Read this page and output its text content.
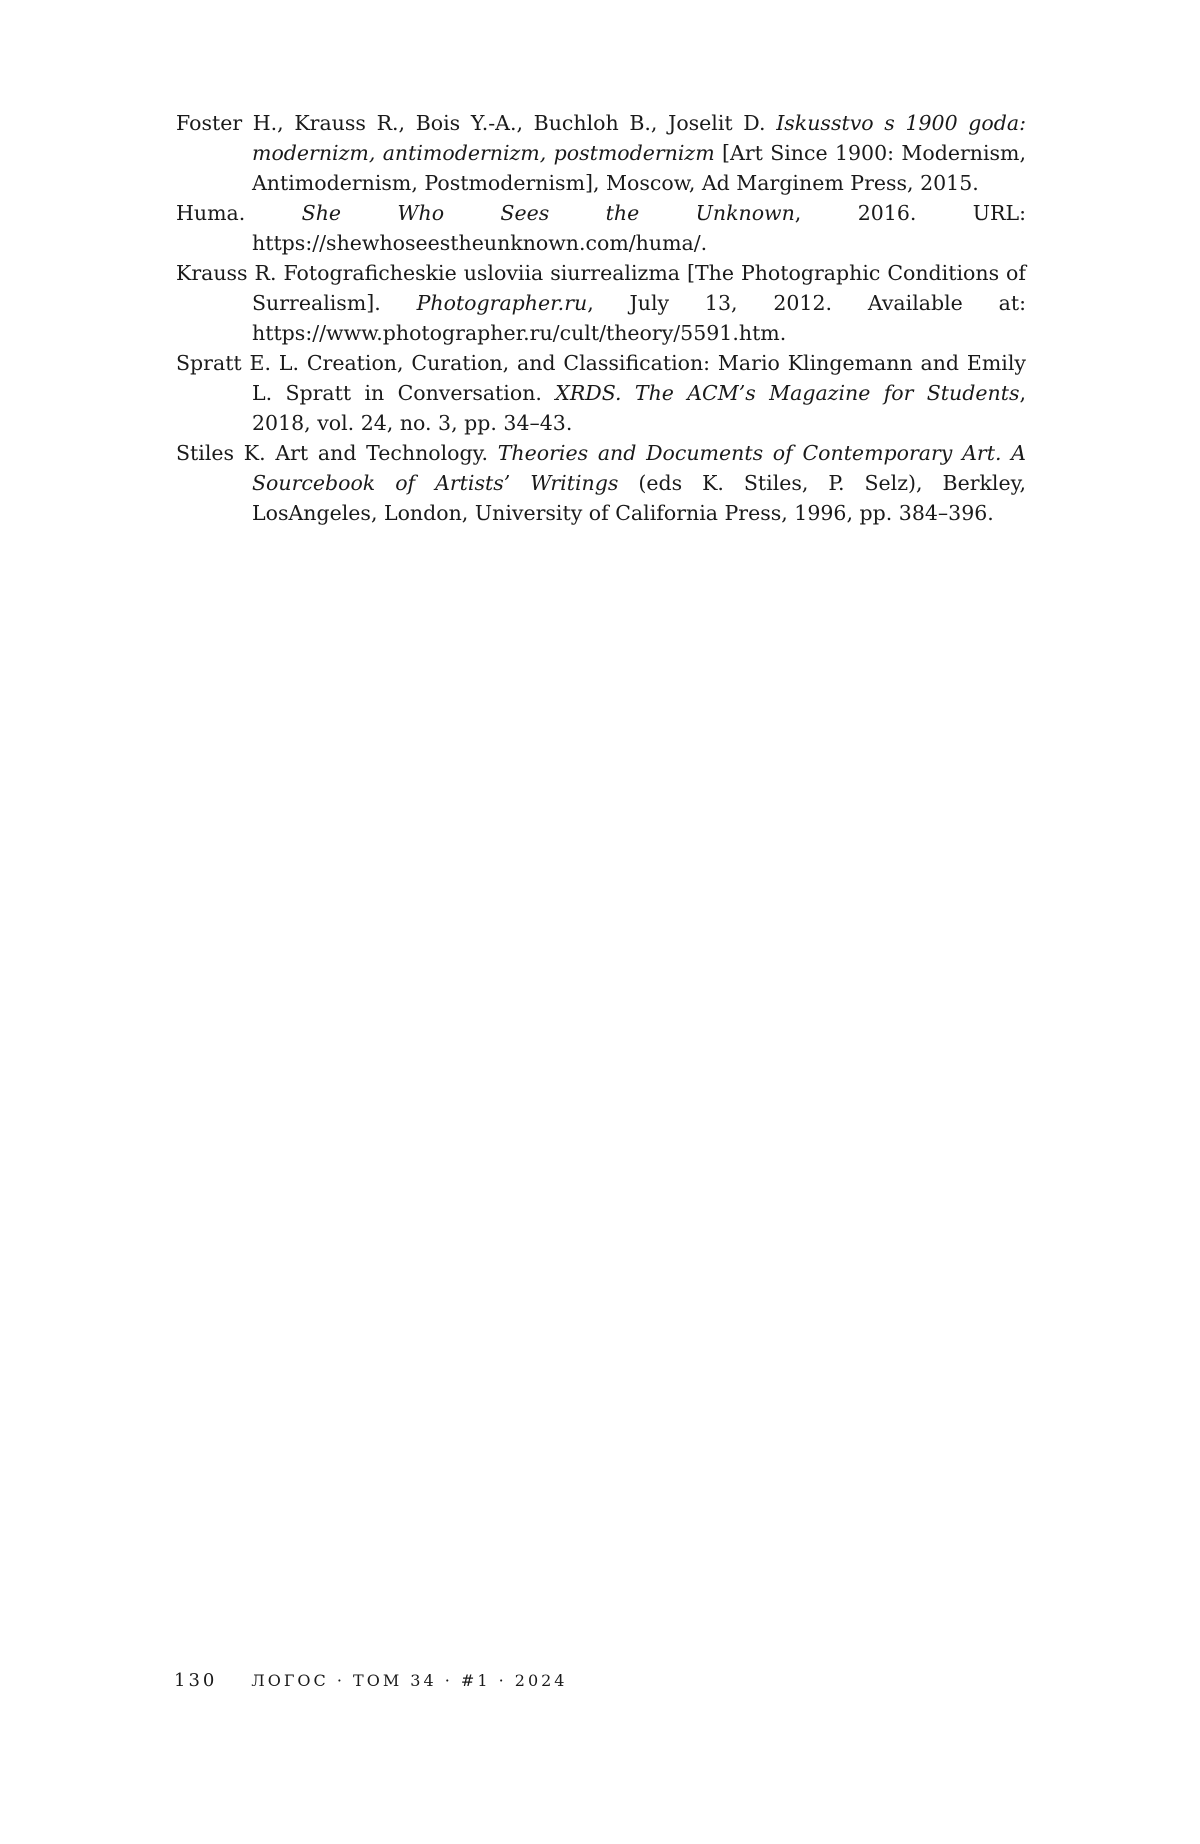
Foster H., Krauss R., Bois Y.-A., Buchloh B., Joselit D. Iskusstvo s 1900 goda: modernizm, antimodernizm, postmodernizm [Art Since 1900: Modernism, Antimodernism, Postmodernism], Moscow, Ad Marginem Press, 2015.

Huma. She Who Sees the Unknown, 2016. URL: https://shewhoseestheunknown.com/huma/.

Krauss R. Fotograficheskie usloviia siurrealizma [The Photographic Conditions of Surrealism]. Photographer.ru, July 13, 2012. Available at: https://www.photographer.ru/cult/theory/5591.htm.

Spratt E. L. Creation, Curation, and Classification: Mario Klingemann and Emily L. Spratt in Conversation. XRDS. The ACM’s Magazine for Students, 2018, vol. 24, no. 3, pp. 34–43.

Stiles K. Art and Technology. Theories and Documents of Contemporary Art. A Sourcebook of Artists’ Writings (eds K. Stiles, P. Selz), Berkley, LosAngeles, London, University of California Press, 1996, pp. 384–396.

130 ЛОГОС · ТОМ 34 · #1 · 2024
